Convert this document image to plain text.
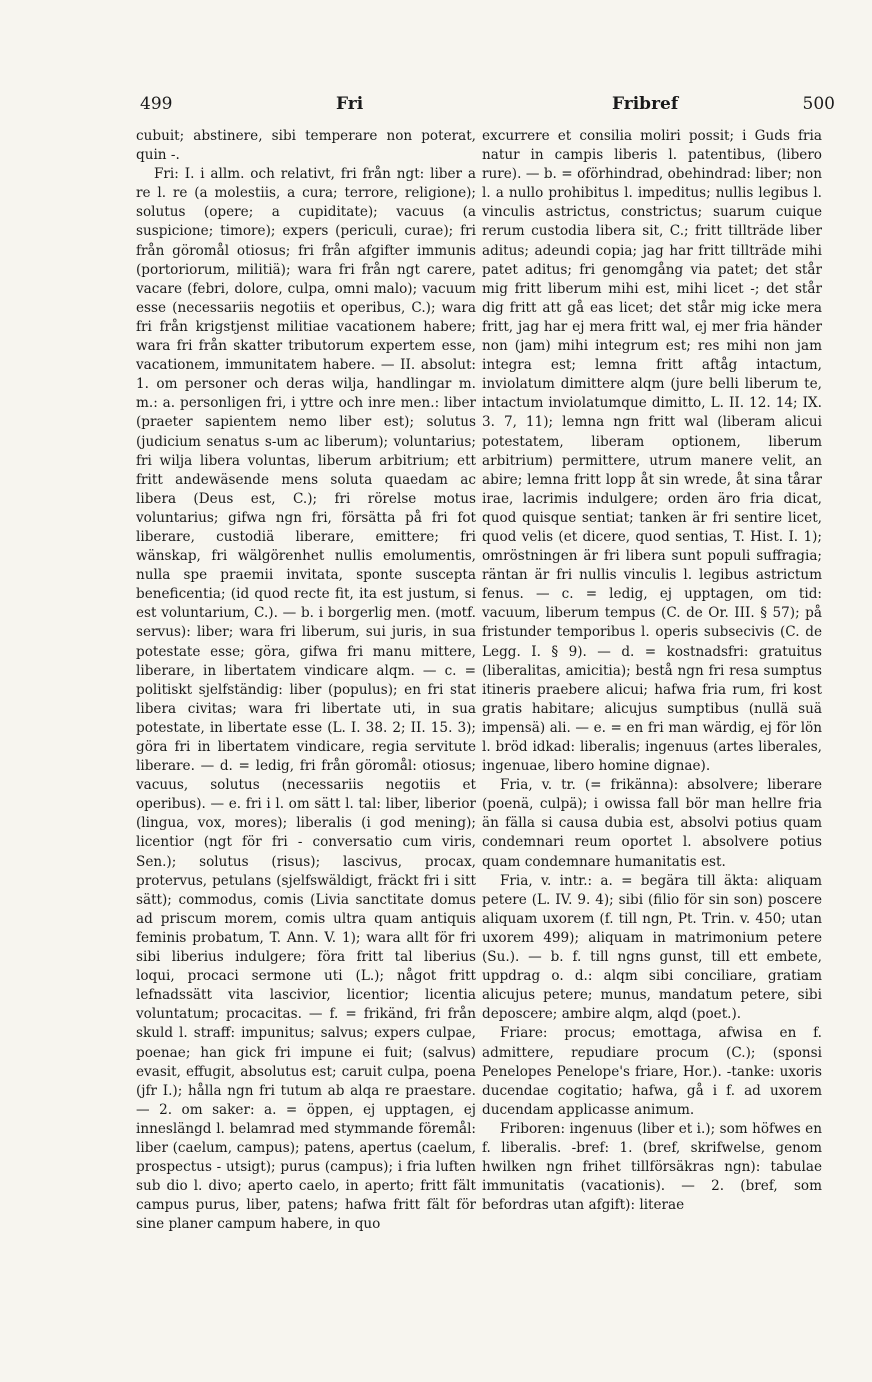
499	Fri	Fribref	500

cubuit; abstinere, sibi temperare non poterat, quin -.

Fri: I. i allm. och relativt, fri från ngt: liber a re l. re (a molestiis, a cura; terrore, religione); solutus (opere; a cupiditate); vacuus (a suspicione; timore); expers (periculi, curae); fri från göromål otiosus; fri från afgifter immunis (portoriorum, militiä); wara fri från ngt carere, vacare (febri, dolore, culpa, omni malo); vacuum esse (necessariis negotiis et operibus, C.); wara fri från krigstjenst militiae vacationem habere; wara fri från skatter tributorum expertem esse, vacationem, immunitatem habere. — II. absolut: 1. om personer och deras wilja, handlingar m. m.: a. personligen fri, i yttre och inre men.: liber (praeter sapientem nemo liber est); solutus (judicium senatus s-um ac liberum); voluntarius; fri wilja libera voluntas, liberum arbitrium; ett fritt andewäsende mens soluta quaedam ac libera (Deus est, C.); fri rörelse motus voluntarius; gifwa ngn fri, försätta på fri fot liberare, custodiä liberare, emittere; fri wänskap, fri wälgörenhet nullis emolumentis, nulla spe praemii invitata, sponte suscepta beneficentia; (id quod recte fit, ita est justum, si est voluntarium, C.). — b. i borgerlig men. (motf. servus): liber; wara fri liberum, sui juris, in sua potestate esse; göra, gifwa fri manu mittere, liberare, in libertatem vindicare alqm. — c. = politiskt sjelfständig: liber (populus); en fri stat libera civitas; wara fri libertate uti, in sua potestate, in libertate esse (L. I. 38. 2; II. 15. 3); göra fri in libertatem vindicare, regia servitute liberare. — d. = ledig, fri från göromål: otiosus; vacuus, solutus (necessariis negotiis et operibus). — e. fri i l. om sätt l. tal: liber, liberior (lingua, vox, mores); liberalis (i god mening); licentior (ngt för fri - conversatio cum viris, Sen.); solutus (risus); lascivus, procax, protervus, petulans (sjelfswäldigt, fräckt fri i sitt sätt); commodus, comis (Livia sanctitate domus ad priscum morem, comis ultra quam antiquis feminis probatum, T. Ann. V. 1); wara allt för fri sibi liberius indulgere; föra fritt tal liberius loqui, procaci sermone uti (L.); något fritt lefnadssätt vita lascivior, licentior; licentia voluntatum; procacitas. — f. = frikänd, fri från skuld l. straff: impunitus; salvus; expers culpae, poenae; han gick fri impune ei fuit; (salvus) evasit, effugit, absolutus est; caruit culpa, poena (jfr I.); hålla ngn fri tutum ab alqa re praestare. — 2. om saker: a. = öppen, ej upptagen, ej inneslängd l. belamrad med stymmande föremål: liber (caelum, campus); patens, apertus (caelum, prospectus - utsigt); purus (campus); i fria luften sub dio l. divo; aperto caelo, in aperto; fritt fält campus purus, liber, patens; hafwa fritt fält för sine planer campum habere, in quo

excurrere et consilia moliri possit; i Guds fria natur in campis liberis l. patentibus, (libero rure). — b. = oförhindrad, obehindrad: liber; non l. a nullo prohibitus l. impeditus; nullis legibus l. vinculis astrictus, constrictus; suarum cuique rerum custodia libera sit, C.; fritt tillträde liber aditus; adeundi copia; jag har fritt tillträde mihi patet aditus; fri genomgång via patet; det står mig fritt liberum mihi est, mihi licet -; det står dig fritt att gå eas licet; det står mig icke mera fritt, jag har ej mera fritt wal, ej mer fria händer non (jam) mihi integrum est; res mihi non jam integra est; lemna fritt aftåg intactum, inviolatum dimittere alqm (jure belli liberum te, intactum inviolatumque dimitto, L. II. 12. 14; IX. 3. 7, 11); lemna ngn fritt wal (liberam alicui potestatem, liberam optionem, liberum arbitrium) permittere, utrum manere velit, an abire; lemna fritt lopp åt sin wrede, åt sina tårar irae, lacrimis indulgere; orden äro fria dicat, quod quisque sentiat; tanken är fri sentire licet, quod velis (et dicere, quod sentias, T. Hist. I. 1); omröstningen är fri libera sunt populi suffragia; räntan är fri nullis vinculis l. legibus astrictum fenus. — c. = ledig, ej upptagen, om tid: vacuum, liberum tempus (C. de Or. III. § 57); på fristunder temporibus l. operis subsecivis (C. de Legg. I. § 9). — d. = kostnadsfri: gratuitus (liberalitas, amicitia); bestå ngn fri resa sumptus itineris praebere alicui; hafwa fria rum, fri kost gratis habitare; alicujus sumptibus (nullä suä impensä) ali. — e. = en fri man wärdig, ej för lön l. bröd idkad: liberalis; ingenuus (artes liberales, ingenuae, libero homine dignae).

Fria, v. tr. (= frikänna): absolvere; liberare (poenä, culpä); i owissa fall bör man hellre fria än fälla si causa dubia est, absolvi potius quam condemnari reum oportet l. absolvere potius quam condemnare humanitatis est.

Fria, v. intr.: a. = begära till äkta: aliquam petere (L. IV. 9. 4); sibi (filio för sin son) poscere aliquam uxorem (f. till ngn, Pt. Trin. v. 450; utan uxorem 499); aliquam in matrimonium petere (Su.). — b. f. till ngns gunst, till ett embete, uppdrag o. d.: alqm sibi conciliare, gratiam alicujus petere; munus, mandatum petere, sibi deposcere; ambire alqm, alqd (poet.).

Friare: procus; emottaga, afwisa en f. admittere, repudiare procum (C.); (sponsi Penelopes Penelope's friare, Hor.). -tanke: uxoris ducendae cogitatio; hafwa, gå i f. ad uxorem ducendam applicasse animum.

Friboren: ingenuus (liber et i.); som höfwes en f. liberalis. -bref: 1. (bref, skrifwelse, genom hwilken ngn frihet tillförsäkras ngn): tabulae immunitatis (vacationis). — 2. (bref, som befordras utan afgift): literae
